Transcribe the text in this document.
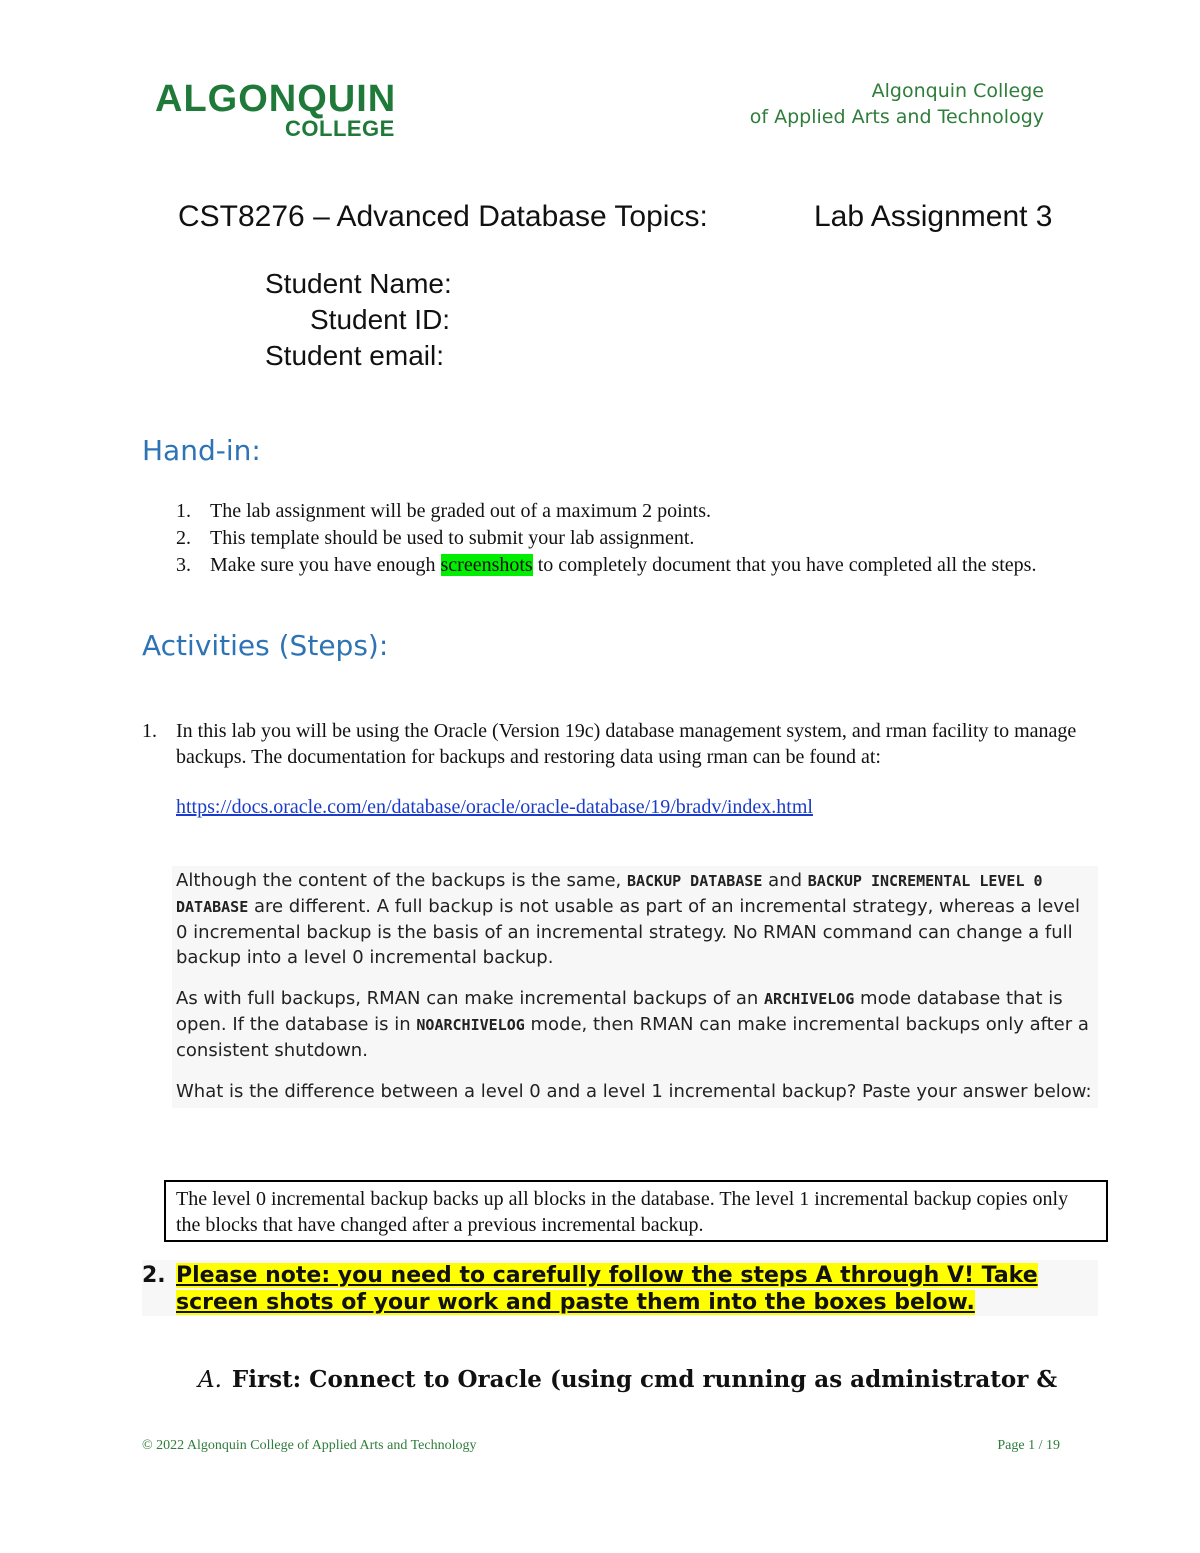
ALGONQUIN
COLLEGE
Algonquin College
of Applied Arts and Technology
CST8276 – Advanced Database Topics:	Lab Assignment 3
Student Name:
Student ID:
Student email:
Hand-in:
1. The lab assignment will be graded out of a maximum 2 points.
2. This template should be used to submit your lab assignment.
3. Make sure you have enough screenshots to completely document that you have completed all the steps.
Activities (Steps):
1. In this lab you will be using the Oracle (Version 19c) database management system, and rman facility to manage backups. The documentation for backups and restoring data using rman can be found at:
https://docs.oracle.com/en/database/oracle/oracle-database/19/bradv/index.html

Although the content of the backups is the same, BACKUP DATABASE and BACKUP INCREMENTAL LEVEL 0 DATABASE are different. A full backup is not usable as part of an incremental strategy, whereas a level 0 incremental backup is the basis of an incremental strategy. No RMAN command can change a full backup into a level 0 incremental backup.

As with full backups, RMAN can make incremental backups of an ARCHIVELOG mode database that is open. If the database is in NOARCHIVELOG mode, then RMAN can make incremental backups only after a consistent shutdown.

What is the difference between a level 0 and a level 1 incremental backup? Paste your answer below:

The level 0 incremental backup backs up all blocks in the database. The level 1 incremental backup copies only the blocks that have changed after a previous incremental backup.
2. Please note: you need to carefully follow the steps A through V! Take screen shots of your work and paste them into the boxes below.
A. First: Connect to Oracle (using cmd running as administrator &
© 2022 Algonquin College of Applied Arts and Technology	Page 1 / 19
